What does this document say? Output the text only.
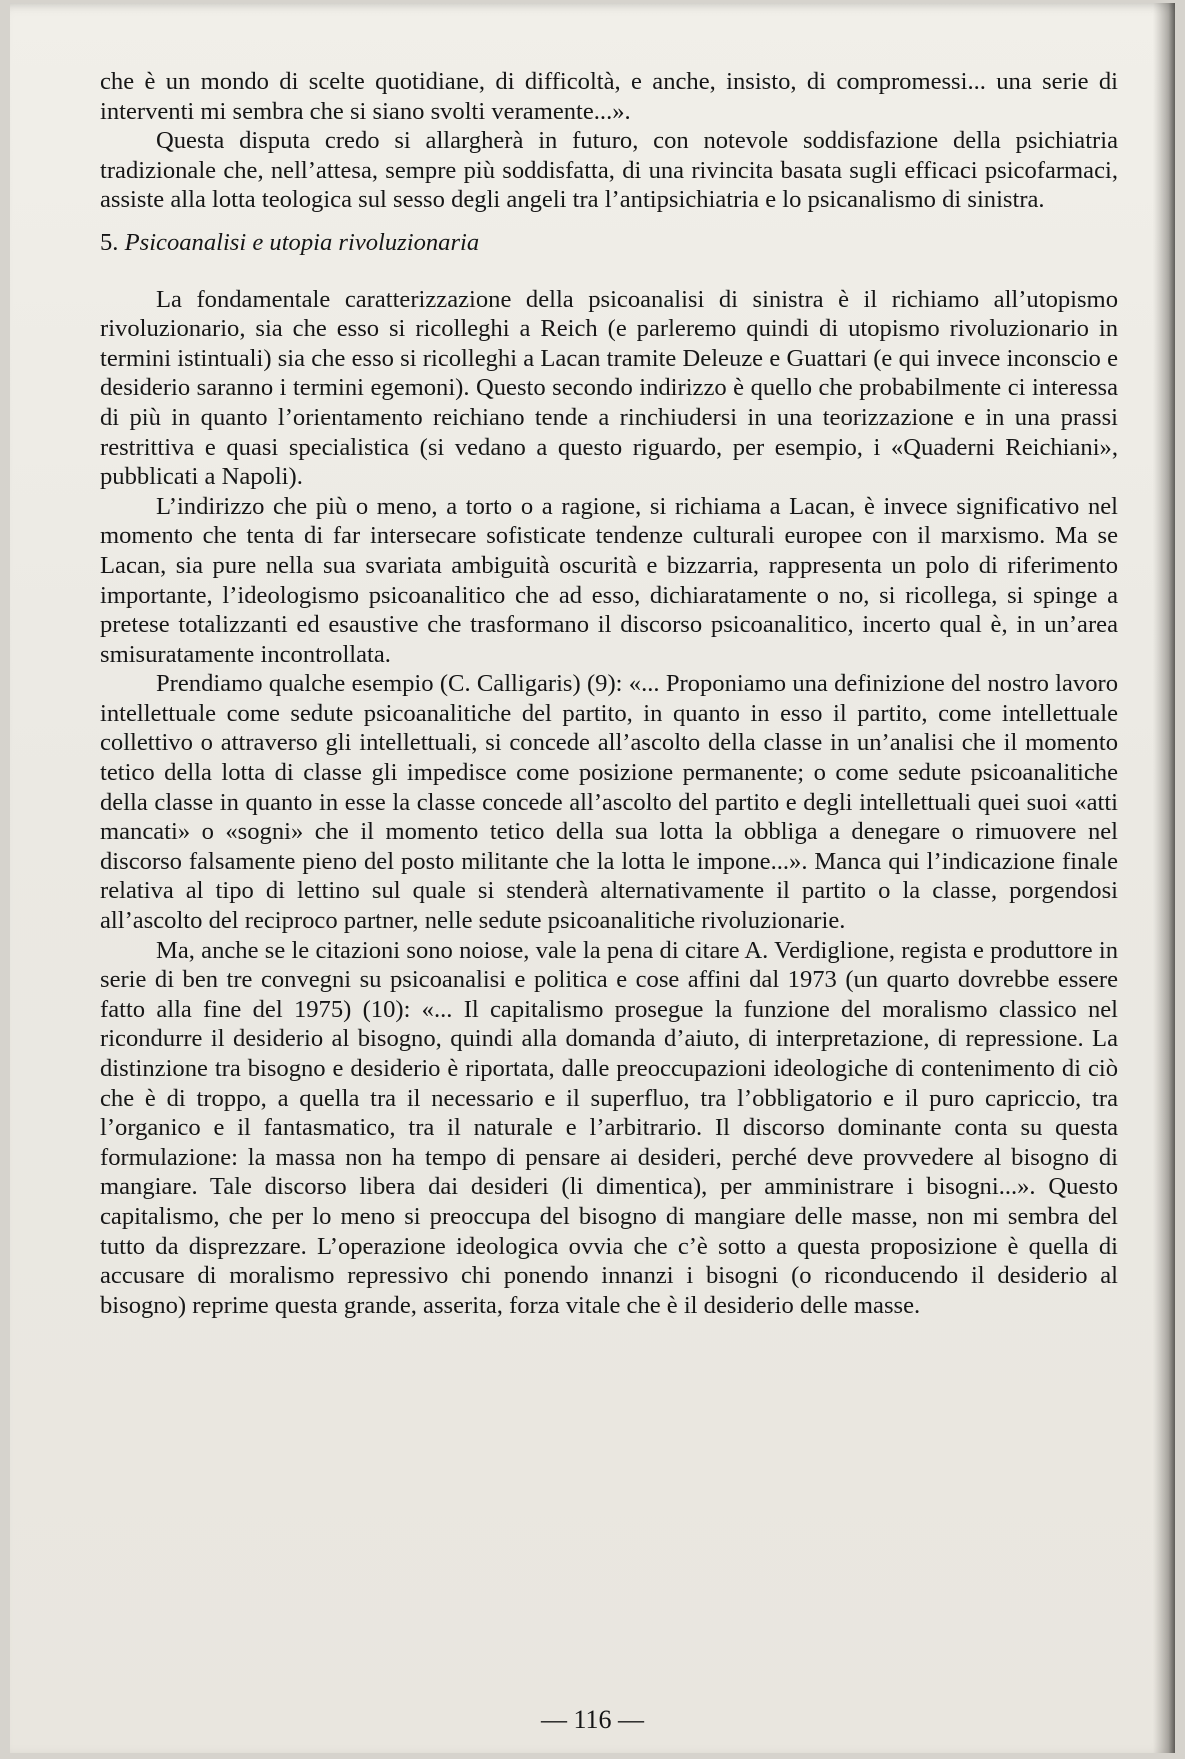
che è un mondo di scelte quotidiane, di difficoltà, e anche, insisto, di compromessi... una serie di interventi mi sembra che si siano svolti veramente...».

Questa disputa credo si allargherà in futuro, con notevole soddisfazione della psichiatria tradizionale che, nell’attesa, sempre più soddisfatta, di una rivincita basata sugli efficaci psicofarmaci, assiste alla lotta teologica sul sesso degli angeli tra l’antipsichiatria e lo psicanalismo di sinistra.

5. Psicoanalisi e utopia rivoluzionaria

La fondamentale caratterizzazione della psicoanalisi di sinistra è il richiamo all’utopismo rivoluzionario, sia che esso si ricolleghi a Reich (e parleremo quindi di utopismo rivoluzionario in termini istintuali) sia che esso si ricolleghi a Lacan tramite Deleuze e Guattari (e qui invece inconscio e desiderio saranno i termini egemoni). Questo secondo indirizzo è quello che probabilmente ci interessa di più in quanto l’orientamento reichiano tende a rinchiudersi in una teorizzazione e in una prassi restrittiva e quasi specialistica (si vedano a questo riguardo, per esempio, i «Quaderni Reichiani», pubblicati a Napoli).

L’indirizzo che più o meno, a torto o a ragione, si richiama a Lacan, è invece significativo nel momento che tenta di far intersecare sofisticate tendenze culturali europee con il marxismo. Ma se Lacan, sia pure nella sua svariata ambiguità oscurità e bizzarria, rappresenta un polo di riferimento importante, l’ideologismo psicoanalitico che ad esso, dichiaratamente o no, si ricollega, si spinge a pretese totalizzanti ed esaustive che trasformano il discorso psicoanalitico, incerto qual è, in un’area smisuratamente incontrollata.

Prendiamo qualche esempio (C. Calligaris) (9): «... Proponiamo una definizione del nostro lavoro intellettuale come sedute psicoanalitiche del partito, in quanto in esso il partito, come intellettuale collettivo o attraverso gli intellettuali, si concede all’ascolto della classe in un’analisi che il momento tetico della lotta di classe gli impedisce come posizione permanente; o come sedute psicoanalitiche della classe in quanto in esse la classe concede all’ascolto del partito e degli intellettuali quei suoi «atti mancati» o «sogni» che il momento tetico della sua lotta la obbliga a denegare o rimuovere nel discorso falsamente pieno del posto militante che la lotta le impone...». Manca qui l’indicazione finale relativa al tipo di lettino sul quale si stenderà alternativamente il partito o la classe, porgendosi all’ascolto del reciproco partner, nelle sedute psicoanalitiche rivoluzionarie.

Ma, anche se le citazioni sono noiose, vale la pena di citare A. Verdiglione, regista e produttore in serie di ben tre convegni su psicoanalisi e politica e cose affini dal 1973 (un quarto dovrebbe essere fatto alla fine del 1975) (10): «... Il capitalismo prosegue la funzione del moralismo classico nel ricondurre il desiderio al bisogno, quindi alla domanda d’aiuto, di interpretazione, di repressione. La distinzione tra bisogno e desiderio è riportata, dalle preoccupazioni ideologiche di contenimento di ciò che è di troppo, a quella tra il necessario e il superfluo, tra l’obbligatorio e il puro capriccio, tra l’organico e il fantasmatico, tra il naturale e l’arbitrario. Il discorso dominante conta su questa formulazione: la massa non ha tempo di pensare ai desideri, perché deve provvedere al bisogno di mangiare. Tale discorso libera dai desideri (li dimentica), per amministrare i bisogni...». Questo capitalismo, che per lo meno si preoccupa del bisogno di mangiare delle masse, non mi sembra del tutto da disprezzare. L’operazione ideologica ovvia che c’è sotto a questa proposizione è quella di accusare di moralismo repressivo chi ponendo innanzi i bisogni (o riconducendo il desiderio al bisogno) reprime questa grande, asserita, forza vitale che è il desiderio delle masse.

— 116 —
